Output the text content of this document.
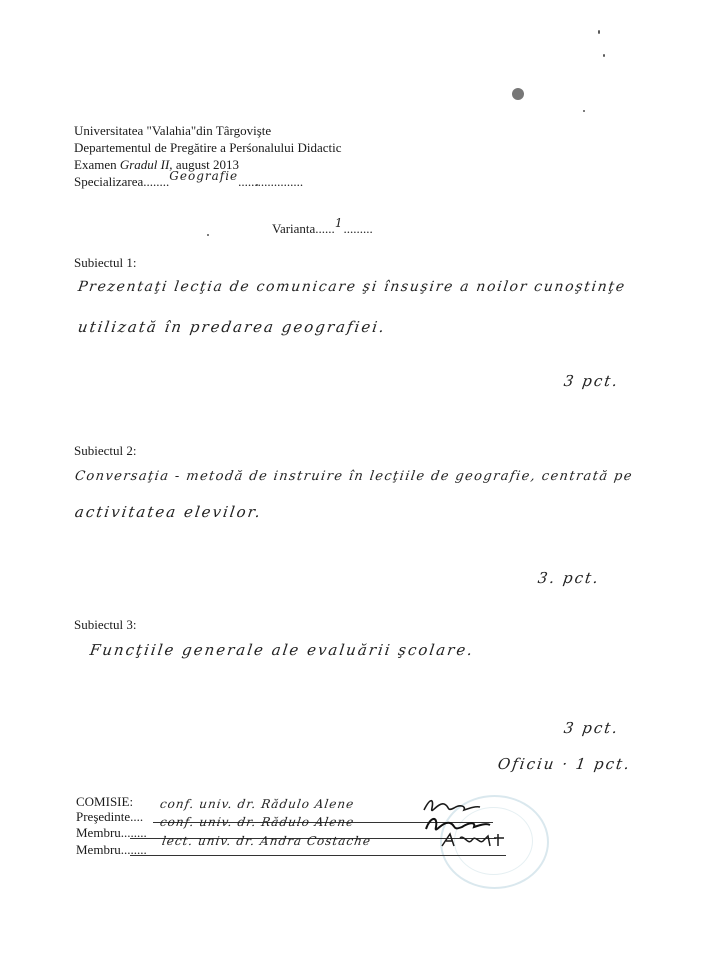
Universitatea "Valahia"din Târgovişte
Departementul de Pregătire a Perśonalului Didactic
Examen Gradul II, august 2013
Specializarea........Geografie....................
Varianta......1.........
Subiectul 1:
Prezentaţi lecţia de comunicare şi însuşire a noilor cunoştinţe
utilizată în predarea geografiei.
3 pct.
Subiectul 2:
Conversaţia - metodă de instruire în lecţiile de geografie, centrată pe
activitatea elevilor.
3. pct.
Subiectul 3:
Funcţiile generale ale evaluării şcolare.
3 pct.
Oficiu · 1 pct.
COMISIE:
Preşedinte....
conf. univ. dr. Rădulo Alene
Membru........
conf. univ. dr. Rădulo Alene
Membru........
lect. univ. dr. Andra Costache
